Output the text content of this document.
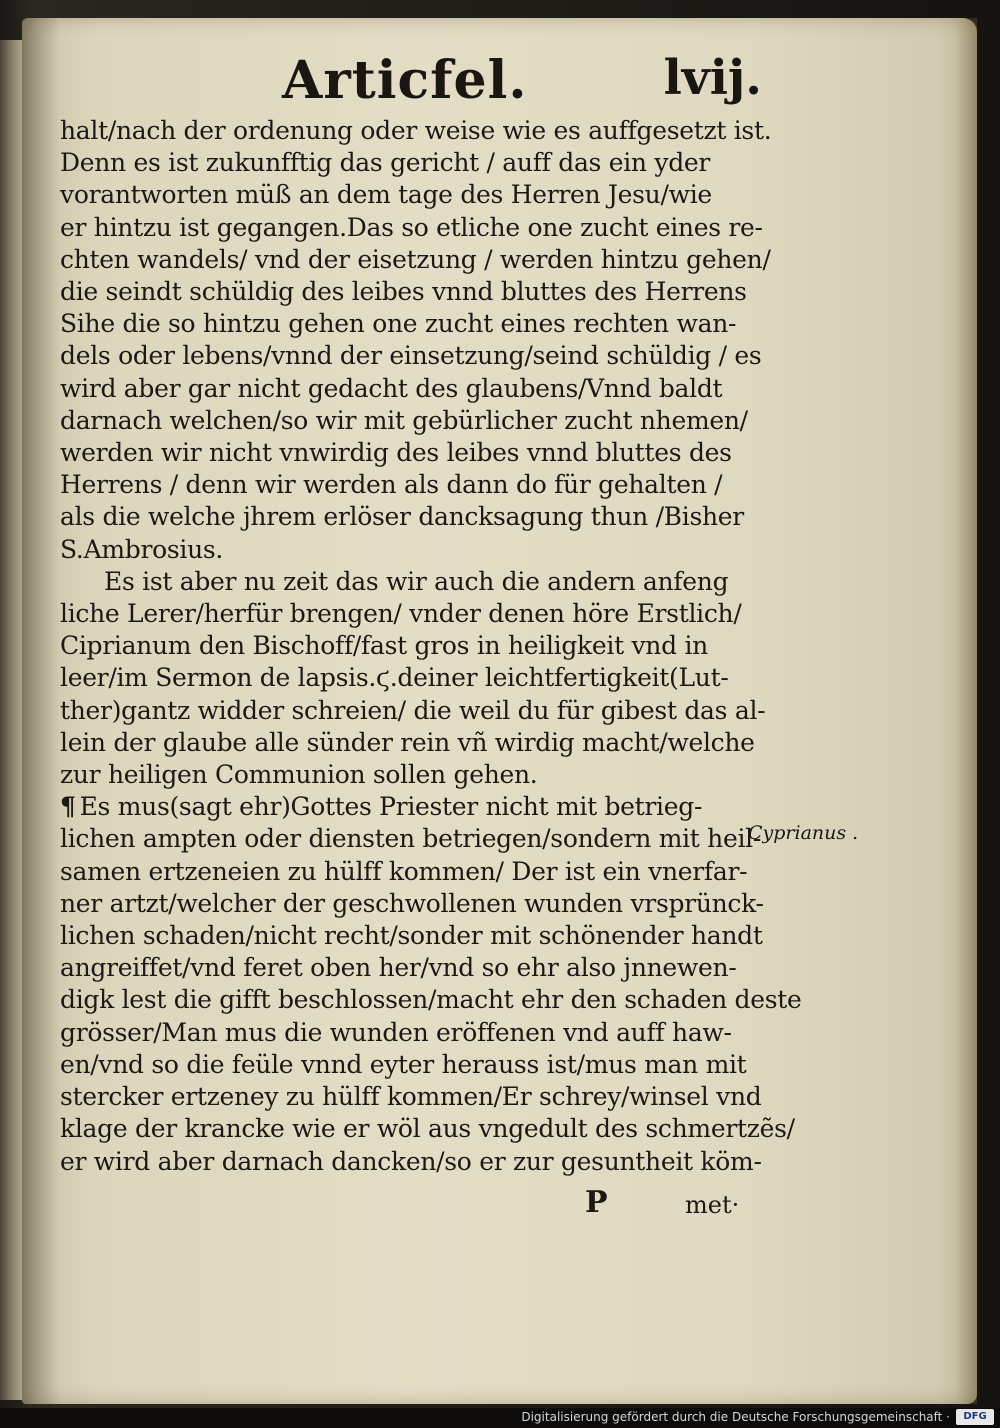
Articfel.	lvij.
halt/nach der ordenung oder weise wie es auffgesetzt ist.
Denn es ist zukunfftig das gericht / auff das ein yder
vorantworten müß an dem tage des Herren Jesu/wie
er hintzu ist gegangen.Das so etliche one zucht eines re-
chten wandels/ vnd der eisetzung / werden hintzu gehen/
die seindt schüldig des leibes vnnd bluttes des Herrens
Sihe die so hintzu gehen one zucht eines rechten wan-
dels oder lebens/vnnd der einsetzung/seind schüldig / es
wird aber gar nicht gedacht des glaubens/Vnnd baldt
darnach welchen/so wir mit gebürlicher zucht nhemen/
werden wir nicht vnwirdig des leibes vnnd bluttes des
Herrens / denn wir werden als dann do für gehalten /
als die welche jhrem erlöser dancksagung thun /Bisher
S.Ambrosius.
Es ist aber nu zeit das wir auch die andern anfeng
liche Lerer/herfür brengen/ vnder denen höre Erstlich/
Ciprianum den Bischoff/fast gros in heiligkeit vnd in
leer/im Sermon de lapsis.ϛ.deiner leichtfertigkeit(Lut-
ther)gantz widder schreien/ die weil du für gibest das al-
lein der glaube alle sünder rein vñ wirdig macht/welche
zur heiligen Communion sollen gehen.
¶ Es mus(sagt ehr)Gottes Priester nicht mit betrieg-
lichen ampten oder diensten betriegen/sondern mit heil-
samen ertzeneien zu hülff kommen/ Der ist ein vnerfar-
ner artzt/welcher der geschwollenen wunden vrsprünck-
lichen schaden/nicht recht/sonder mit schönender handt
angreiffet/vnd feret oben her/vnd so ehr also jnnewen-
digk lest die gifft beschlossen/macht ehr den schaden deste
grösser/Man mus die wunden eröffenen vnd auff haw-
en/vnd so die feüle vnnd eyter herauss ist/mus man mit
stercker ertzeney zu hülff kommen/Er schrey/winsel vnd
klage der krancke wie er wöl aus vngedult des schmertzẽs/
er wird aber darnach dancken/so er zur gesuntheit köm-
Cyprianus .
P	met·
Digitalisierung gefördert durch die Deutsche Forschungsgemeinschaft ·	DFG
